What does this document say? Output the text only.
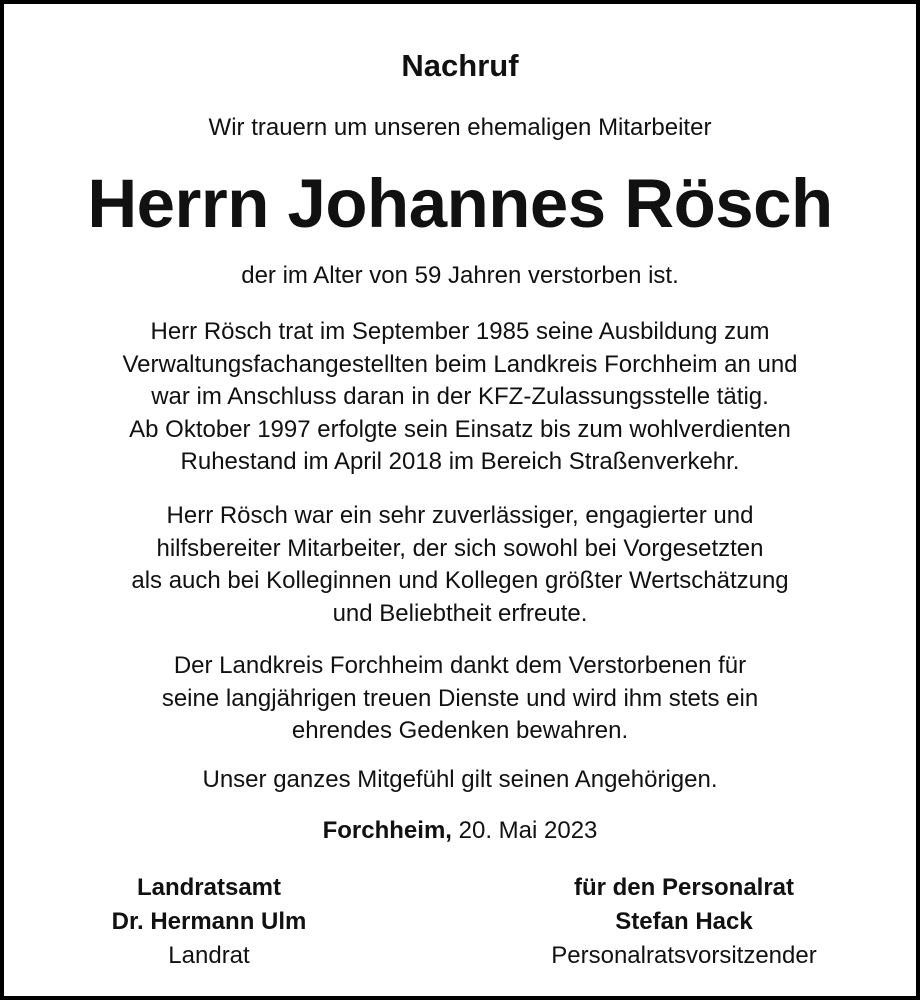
Nachruf
Wir trauern um unseren ehemaligen Mitarbeiter
Herrn Johannes Rösch
der im Alter von 59 Jahren verstorben ist.
Herr Rösch trat im September 1985 seine Ausbildung zum
Verwaltungsfachangestellten beim Landkreis Forchheim an und
war im Anschluss daran in der KFZ-Zulassungsstelle tätig.
Ab Oktober 1997 erfolgte sein Einsatz bis zum wohlverdienten
Ruhestand im April 2018 im Bereich Straßenverkehr.
Herr Rösch war ein sehr zuverlässiger, engagierter und
hilfsbereiter Mitarbeiter, der sich sowohl bei Vorgesetzten
als auch bei Kolleginnen und Kollegen größter Wertschätzung
und Beliebtheit erfreute.
Der Landkreis Forchheim dankt dem Verstorbenen für
seine langjährigen treuen Dienste und wird ihm stets ein
ehrendes Gedenken bewahren.
Unser ganzes Mitgefühl gilt seinen Angehörigen.
Forchheim, 20. Mai 2023
Landratsamt
Dr. Hermann Ulm
Landrat
für den Personalrat
Stefan Hack
Personalratsvorsitzender
